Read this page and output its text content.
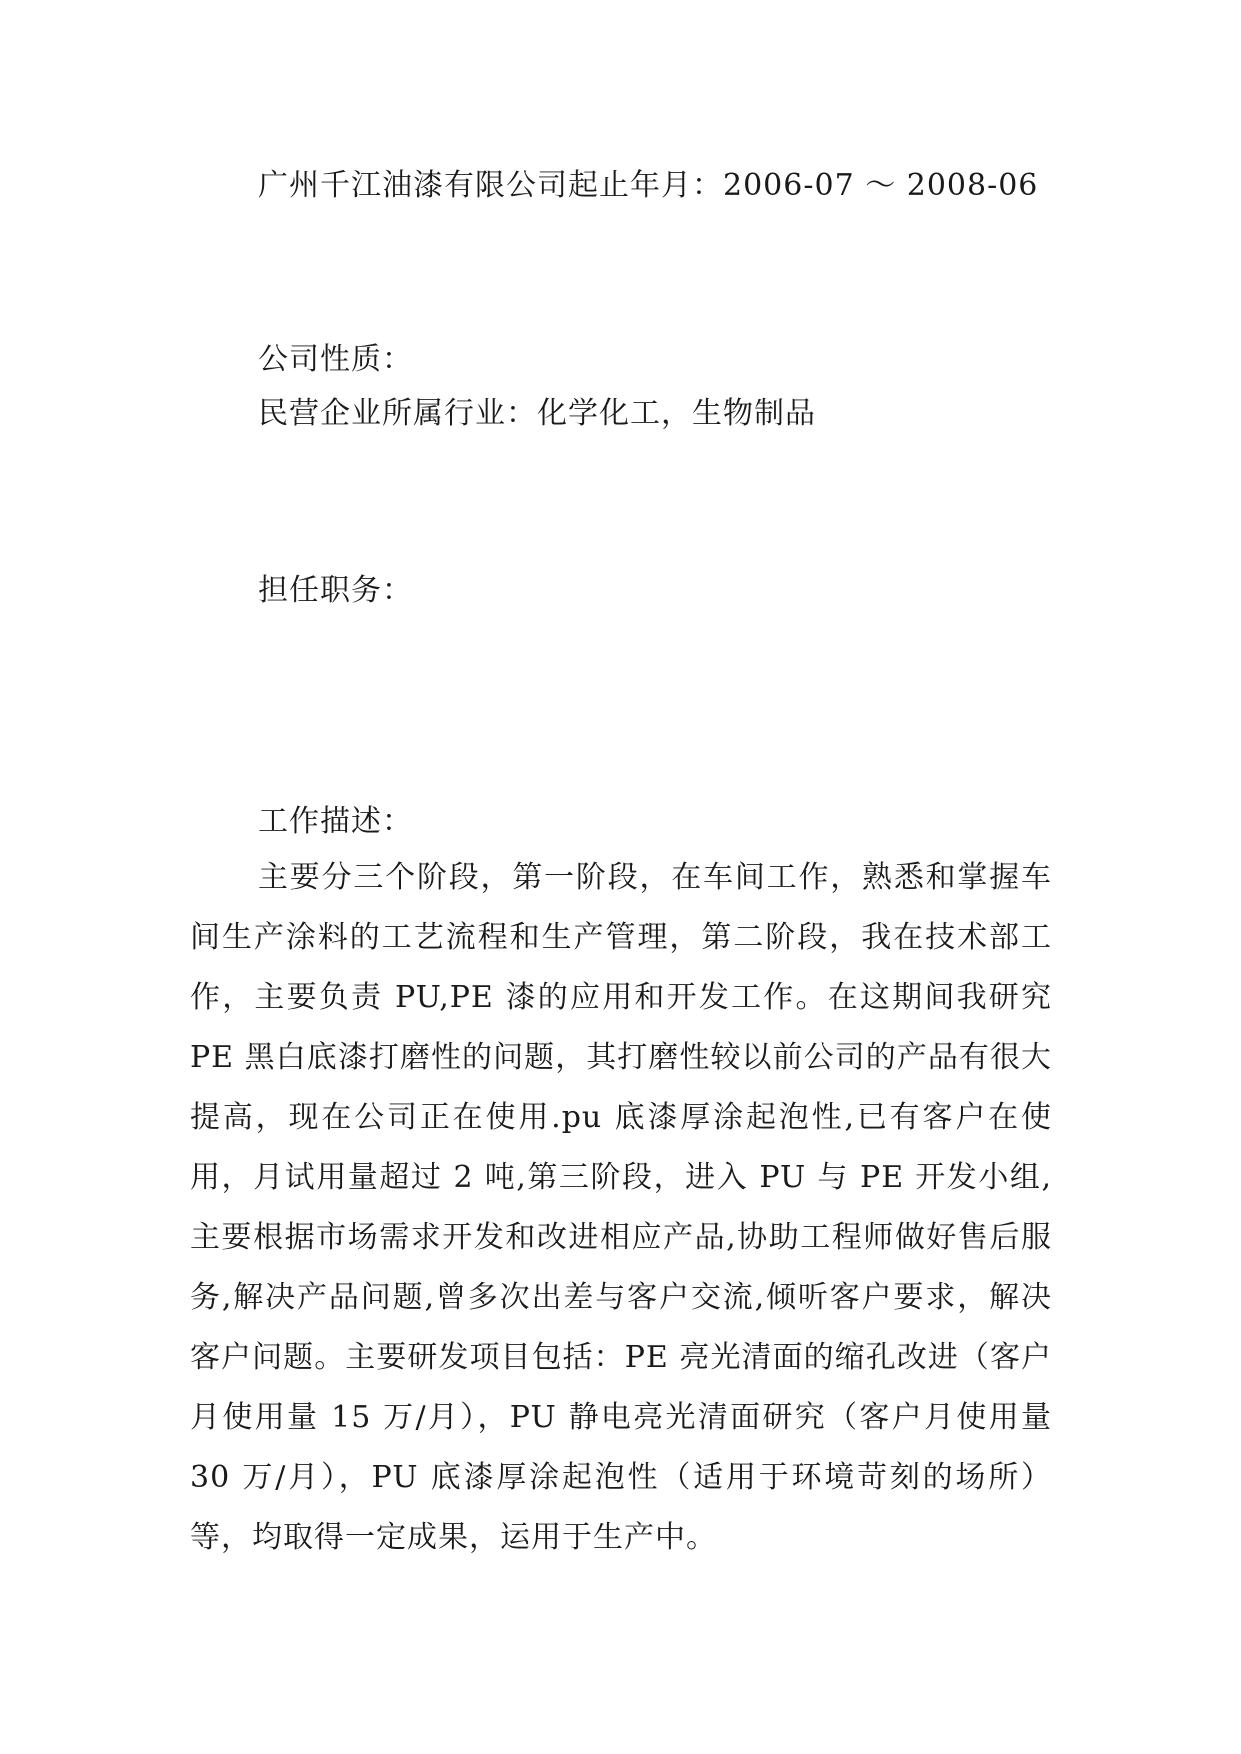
广州千江油漆有限公司起止年月：2006-07 ～ 2008-06
公司性质：
民营企业所属行业：化学化工，生物制品
担任职务：
工作描述：

主要分三个阶段，第一阶段，在车间工作，熟悉和掌握车间生产涂料的工艺流程和生产管理，第二阶段，我在技术部工作，主要负责 PU,PE 漆的应用和开发工作。在这期间我研究 PE 黑白底漆打磨性的问题，其打磨性较以前公司的产品有很大提高，现在公司正在使用.pu 底漆厚涂起泡性,已有客户在使用，月试用量超过 2 吨,第三阶段，进入 PU 与 PE 开发小组,主要根据市场需求开发和改进相应产品,协助工程师做好售后服务,解决产品问题,曾多次出差与客户交流,倾听客户要求，解决客户问题。主要研发项目包括：PE 亮光清面的缩孔改进（客户月使用量 15 万/月），PU 静电亮光清面研究（客户月使用量 30 万/月），PU 底漆厚涂起泡性（适用于环境苛刻的场所）等，均取得一定成果，运用于生产中。
